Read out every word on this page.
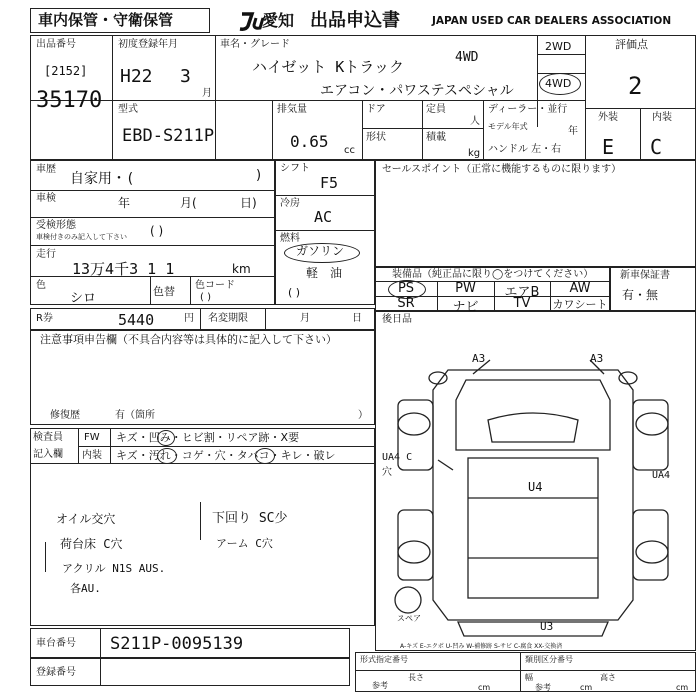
車内保管・守衛保管	愛知 出品申込書	JAPAN USED CAR DEALERS ASSOCIATION
出品番号
[2152]
35170
初度登録年月
H22 3
月
車名・グレード
ハイゼット Kトラック
4WD
エアコン・パワステスペシャル
2WD
4WD
評価点
2
型式
EBD-S211P
排気量
0.65 cc
ドア
形状
定員
人
積載
kg
ディーラー・並行
モデル年式	年
ハンドル 左・右
外装	内装
E C
車歴
自家用・(	)
車検	年	月(	日)
受検形態
車検付きのみ記入して下さい ( )
走行
13万4千3 1 1	km
色
シロ	色替 色コード
( )
シフト
F5
冷房
AC
燃料
ガソリン
軽　油
( )
セールスポイント（正常に機能するものに限ります）
装備品（純正品に限り◯をつけてください）
PS	PW	エアB	AW
SR	ナビ	TV	カワシート
新車保証書
有・無
R券	5440	円 名変期限	月	日 後日品
注意事項申告欄（不具合内容等は具体的に記入して下さい）
修復歴	有（箇所	）
検査員
記入欄
FW キズ・凹み・ヒビ割・リペア跡・X要
内装 キズ・汚れ・コゲ・穴・タバコ・キレ・破レ
オイル交穴
荷台床 C穴
アクリル N1S AUS.
各AU.
下回り SC少
アーム C穴
A3	A3
UA4 C穴
U4
UA4
U3
スペア
A-キズ E-エクボ U-凹み W-補修跡 S-サビ C-腐食 XX-交換済
車台番号 S211P-0095139
登録番号
形式指定番号
参考
長さ
cm
類別区分番号
幅	高さ
参考	cm	cm
